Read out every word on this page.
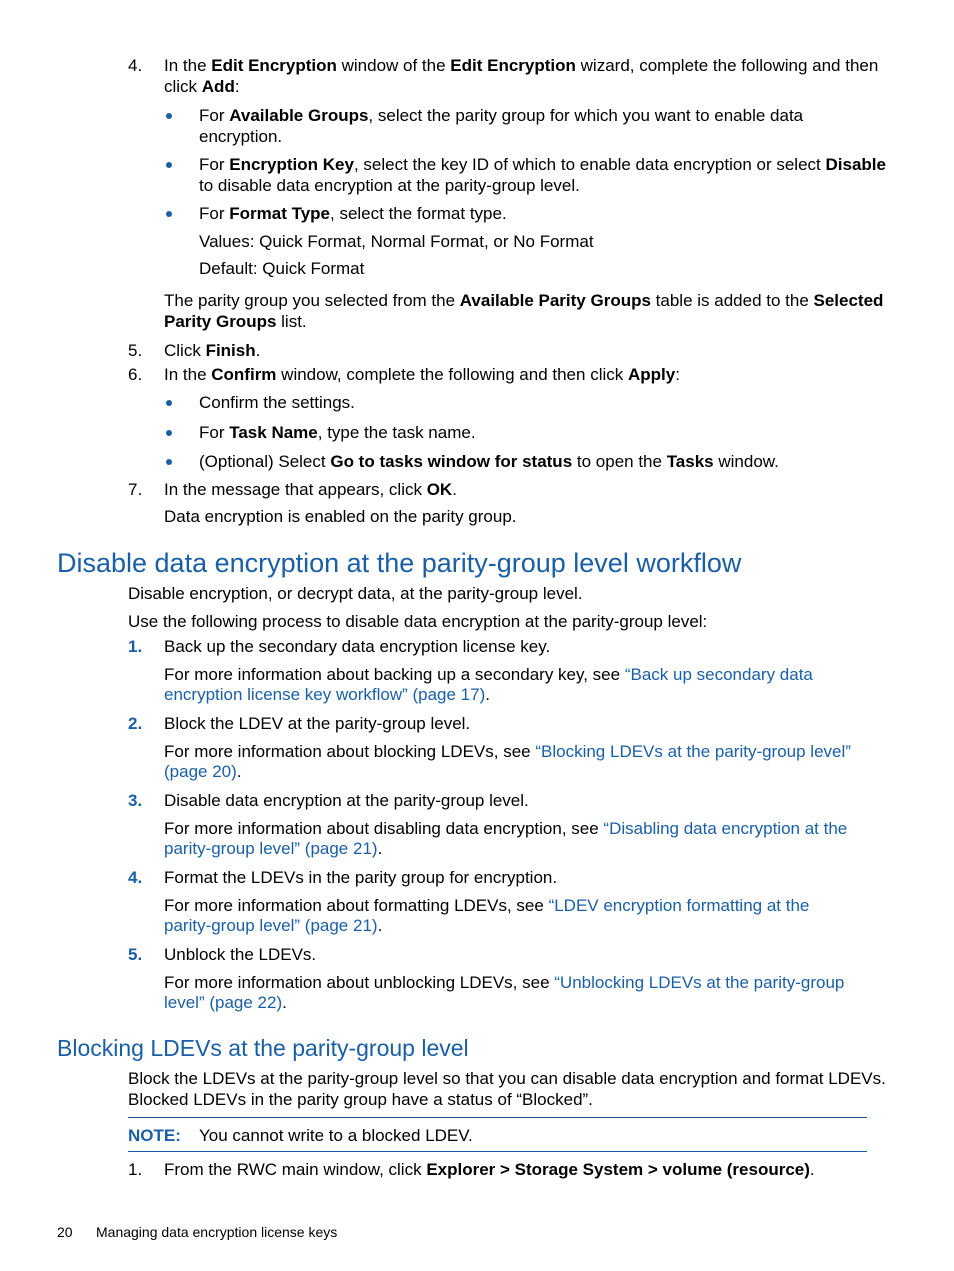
4. In the Edit Encryption window of the Edit Encryption wizard, complete the following and then
click Add:
For Available Groups, select the parity group for which you want to enable data
encryption.
For Encryption Key, select the key ID of which to enable data encryption or select Disable
to disable data encryption at the parity-group level.
For Format Type, select the format type.
Values: Quick Format, Normal Format, or No Format
Default: Quick Format
The parity group you selected from the Available Parity Groups table is added to the Selected
Parity Groups list.
5. Click Finish.
6. In the Confirm window, complete the following and then click Apply:
Confirm the settings.
For Task Name, type the task name.
(Optional) Select Go to tasks window for status to open the Tasks window.
7. In the message that appears, click OK.
Data encryption is enabled on the parity group.
Disable data encryption at the parity-group level workflow
Disable encryption, or decrypt data, at the parity-group level.
Use the following process to disable data encryption at the parity-group level:
1. Back up the secondary data encryption license key.
For more information about backing up a secondary key, see “Back up secondary data
encryption license key workflow” (page 17).
2. Block the LDEV at the parity-group level.
For more information about blocking LDEVs, see “Blocking LDEVs at the parity-group level”
(page 20).
3. Disable data encryption at the parity-group level.
For more information about disabling data encryption, see “Disabling data encryption at the
parity-group level” (page 21).
4. Format the LDEVs in the parity group for encryption.
For more information about formatting LDEVs, see “LDEV encryption formatting at the
parity-group level” (page 21).
5. Unblock the LDEVs.
For more information about unblocking LDEVs, see “Unblocking LDEVs at the parity-group
level” (page 22).
Blocking LDEVs at the parity-group level
Block the LDEVs at the parity-group level so that you can disable data encryption and format LDEVs.
Blocked LDEVs in the parity group have a status of “Blocked”.
NOTE: You cannot write to a blocked LDEV.
1. From the RWC main window, click Explorer > Storage System > volume (resource).
20 Managing data encryption license keys
